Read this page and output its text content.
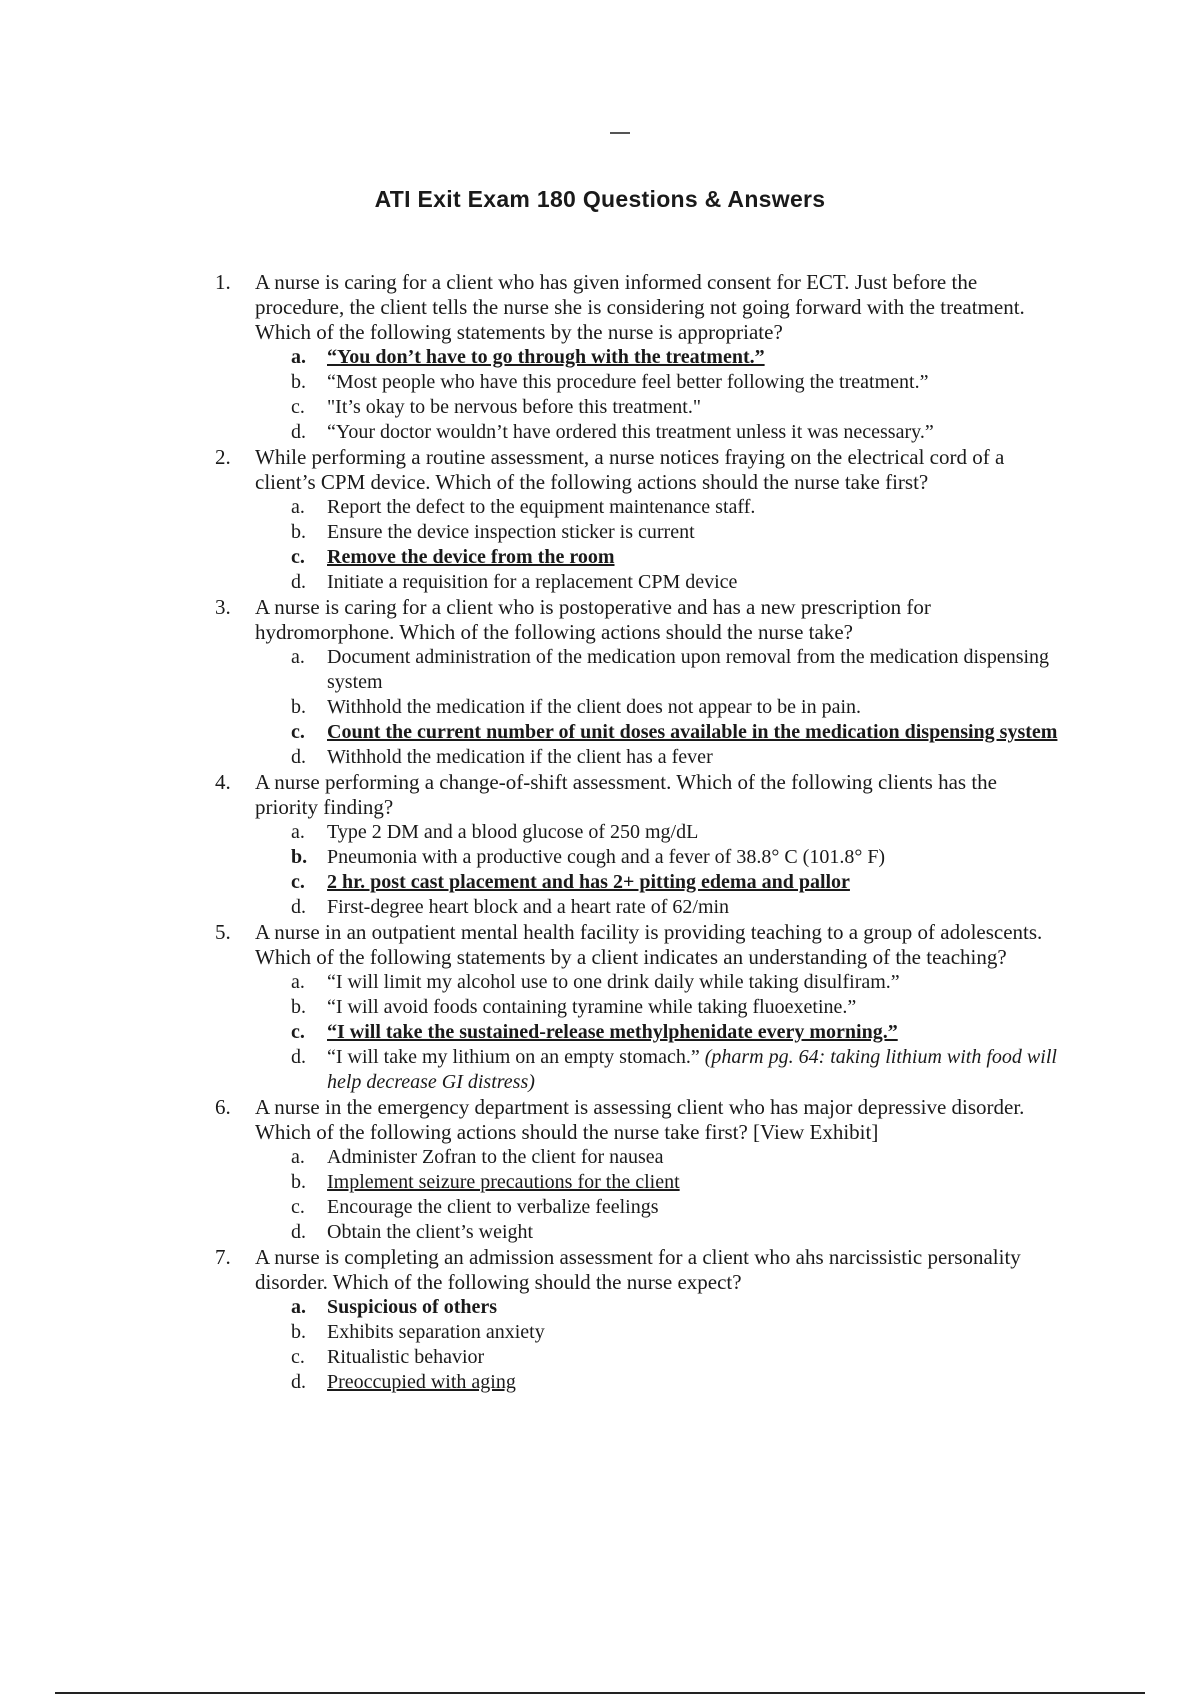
ATI Exit Exam 180 Questions & Answers
1.	A nurse is caring for a client who has given informed consent for ECT. Just before the procedure, the client tells the nurse she is considering not going forward with the treatment. Which of the following statements by the nurse is appropriate?
a.	“You don’t have to go through with the treatment.”
b.	“Most people who have this procedure feel better following the treatment.”
c.	"It’s okay to be nervous before this treatment."
d.	“Your doctor wouldn’t have ordered this treatment unless it was necessary.”
2.	While performing a routine assessment, a nurse notices fraying on the electrical cord of a client’s CPM device. Which of the following actions should the nurse take first?
a.	Report the defect to the equipment maintenance staff.
b.	Ensure the device inspection sticker is current
c.	Remove the device from the room
d.	Initiate a requisition for a replacement CPM device
3.	A nurse is caring for a client who is postoperative and has a new prescription for hydromorphone. Which of the following actions should the nurse take?
a.	Document administration of the medication upon removal from the medication dispensing system
b.	Withhold the medication if the client does not appear to be in pain.
c.	Count the current number of unit doses available in the medication dispensing system
d.	Withhold the medication if the client has a fever
4.	A nurse performing a change-of-shift assessment. Which of the following clients has the priority finding?
a.	Type 2 DM and a blood glucose of 250 mg/dL
b. Pneumonia with a productive cough and a fever of 38.8° C (101.8° F)
c.	2 hr. post cast placement and has 2+ pitting edema and pallor
d.	First-degree heart block and a heart rate of 62/min
5.	A nurse in an outpatient mental health facility is providing teaching to a group of adolescents. Which of the following statements by a client indicates an understanding of the teaching?
a.	“I will limit my alcohol use to one drink daily while taking disulfiram.”
b.	“I will avoid foods containing tyramine while taking fluoexetine.”
c.	“I will take the sustained-release methylphenidate every morning.”
d.	“I will take my lithium on an empty stomach.” (pharm pg. 64: taking lithium with food will help decrease GI distress)
6.	A nurse in the emergency department is assessing client who has major depressive disorder. Which of the following actions should the nurse take first? [View Exhibit]
a.	Administer Zofran to the client for nausea
b.	Implement seizure precautions for the client
c.	Encourage the client to verbalize feelings
d.	Obtain the client’s weight
7.	A nurse is completing an admission assessment for a client who ahs narcissistic personality disorder. Which of the following should the nurse expect?
a.	Suspicious of others
b.	Exhibits separation anxiety
c.	Ritualistic behavior
d.	Preoccupied with aging
